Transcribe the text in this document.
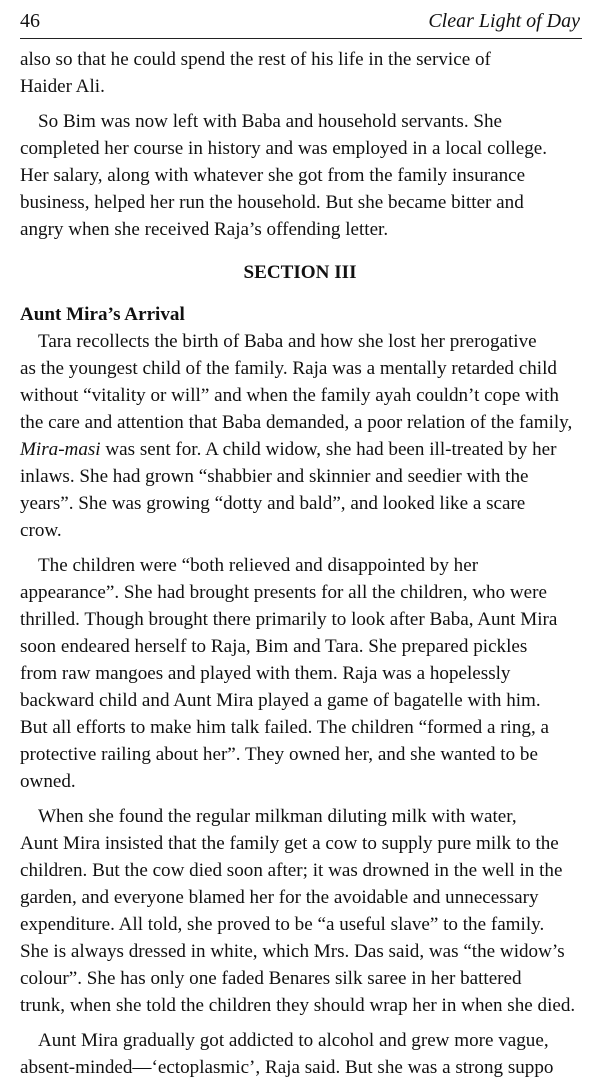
46	Clear Light of Day
also so that he could spend the rest of his life in the service of
Haider Ali.
So Bim was now left with Baba and household servants. She
completed her course in history and was employed in a local college.
Her salary, along with whatever she got from the family insurance
business, helped her run the household. But she became bitter and
angry when she received Raja’s offending letter.
SECTION III
Aunt Mira’s Arrival
Tara recollects the birth of Baba and how she lost her prerogative
as the youngest child of the family. Raja was a mentally retarded child
without “vitality or will” and when the family ayah couldn’t cope with
the care and attention that Baba demanded, a poor relation of the family,
Mira-masi was sent for. A child widow, she had been ill-treated by her
inlaws. She had grown “shabbier and skinnier and seedier with the
years”. She was growing “dotty and bald”, and looked like a scare
crow.
The children were “both relieved and disappointed by her
appearance”. She had brought presents for all the children, who were
thrilled. Though brought there primarily to look after Baba, Aunt Mira
soon endeared herself to Raja, Bim and Tara. She prepared pickles
from raw mangoes and played with them. Raja was a hopelessly
backward child and Aunt Mira played a game of bagatelle with him.
But all efforts to make him talk failed. The children “formed a ring, a
protective railing about her”. They owned her, and she wanted to be
owned.
When she found the regular milkman diluting milk with water,
Aunt Mira insisted that the family get a cow to supply pure milk to the
children. But the cow died soon after; it was drowned in the well in the
garden, and everyone blamed her for the avoidable and unnecessary
expenditure. All told, she proved to be “a useful slave” to the family.
She is always dressed in white, which Mrs. Das said, was “the widow’s
colour”. She has only one faded Benares silk saree in her battered
trunk, when she told the children they should wrap her in when she died.
Aunt Mira gradually got addicted to alcohol and grew more vague,
absent-minded—‘ectoplasmic’, Raja said. But she was a strong suppo
